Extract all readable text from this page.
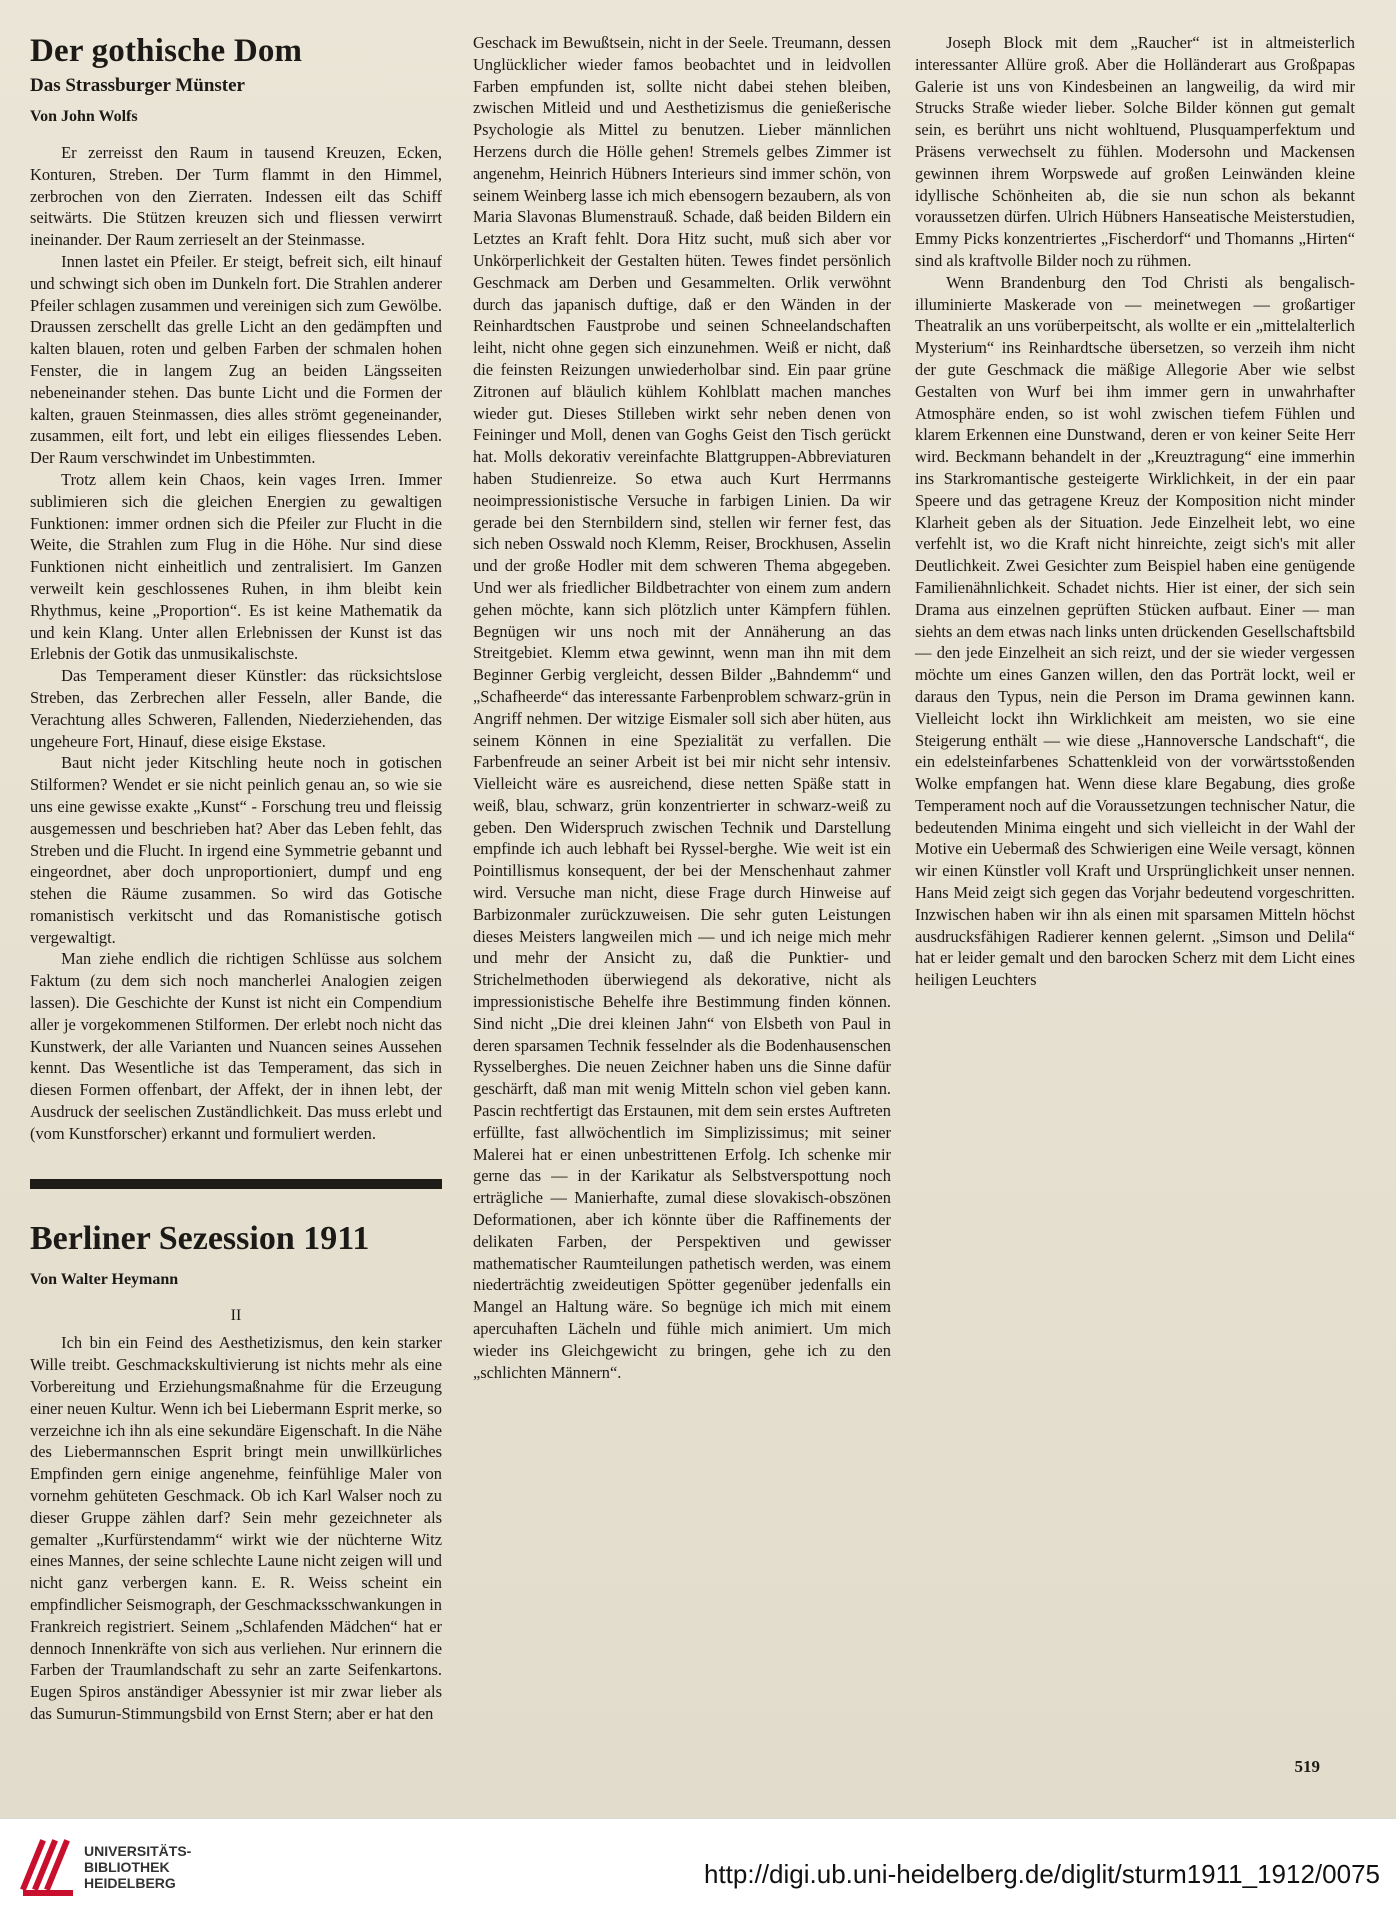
Der gothische Dom
Das Strassburger Münster
Von John Wolfs

Er zerreisst den Raum in tausend Kreuzen, Ecken, Konturen, Streben. Der Turm flammt in den Himmel, zerbrochen von den Zierraten. Indessen eilt das Schiff seitwärts. Die Stützen kreuzen sich und fliessen verwirrt ineinander. Der Raum zerrieselt an der Steinmasse.

Innen lastet ein Pfeiler. Er steigt, befreit sich, eilt hinauf und schwingt sich oben im Dunkeln fort. Die Strahlen anderer Pfeiler schlagen zusammen und vereinigen sich zum Gewölbe. Draussen zerschellt das grelle Licht an den gedämpften und kalten blauen, roten und gelben Farben der schmalen hohen Fenster, die in langem Zug an beiden Längsseiten nebeneinander stehen. Das bunte Licht und die Formen der kalten, grauen Steinmassen, dies alles strömt gegeneinander, zusammen, eilt fort, und lebt ein eiliges fliessendes Leben. Der Raum verschwindet im Unbestimmten.

Trotz allem kein Chaos, kein vages Irren. Immer sublimieren sich die gleichen Energien zu gewaltigen Funktionen: immer ordnen sich die Pfeiler zur Flucht in die Weite, die Strahlen zum Flug in die Höhe. Nur sind diese Funktionen nicht einheitlich und zentralisiert. Im Ganzen verweilt kein geschlossenes Ruhen, in ihm bleibt kein Rhythmus, keine „Proportion“. Es ist keine Mathematik da und kein Klang. Unter allen Erlebnissen der Kunst ist das Erlebnis der Gotik das unmusikalischste.

Das Temperament dieser Künstler: das rücksichtslose Streben, das Zerbrechen aller Fesseln, aller Bande, die Verachtung alles Schweren, Fallenden, Niederziehenden, das ungeheure Fort, Hinauf, diese eisige Ekstase.

Baut nicht jeder Kitschling heute noch in gotischen Stilformen? Wendet er sie nicht peinlich genau an, so wie sie uns eine gewisse exakte „Kunst“ - Forschung treu und fleissig ausgemessen und beschrieben hat? Aber das Leben fehlt, das Streben und die Flucht. In irgend eine Symmetrie gebannt und eingeordnet, aber doch unproportioniert, dumpf und eng stehen die Räume zusammen. So wird das Gotische romanistisch verkitscht und das Romanistische gotisch vergewaltigt.

Man ziehe endlich die richtigen Schlüsse aus solchem Faktum (zu dem sich noch mancherlei Analogien zeigen lassen). Die Geschichte der Kunst ist nicht ein Compendium aller je vorgekommenen Stilformen. Der erlebt noch nicht das Kunstwerk, der alle Varianten und Nuancen seines Aussehen kennt. Das Wesentliche ist das Temperament, das sich in diesen Formen offenbart, der Affekt, der in ihnen lebt, der Ausdruck der seelischen Zuständlichkeit. Das muss erlebt und (vom Kunstforscher) erkannt und formuliert werden.

Berliner Sezession 1911
Von Walter Heymann
II

Ich bin ein Feind des Aesthetizismus, den kein starker Wille treibt. Geschmackskultivierung ist nichts mehr als eine Vorbereitung und Erziehungsmaßnahme für die Erzeugung einer neuen Kultur. Wenn ich bei Liebermann Esprit merke, so verzeichne ich ihn als eine sekundäre Eigenschaft. In die Nähe des Liebermannschen Esprit bringt mein unwillkürliches Empfinden gern einige angenehme, feinfühlige Maler von vornehm gehüteten Geschmack. Ob ich Karl Walser noch zu dieser Gruppe zählen darf? Sein mehr gezeichneter als gemalter „Kurfürstendamm“ wirkt wie der nüchterne Witz eines Mannes, der seine schlechte Laune nicht zeigen will und nicht ganz verbergen kann. E. R. Weiss scheint ein empfindlicher Seismograph, der Geschmacksschwankungen in Frankreich registriert. Seinem „Schlafenden Mädchen“ hat er dennoch Innenkräfte von sich aus verliehen. Nur erinnern die Farben der Traumlandschaft zu sehr an zarte Seifenkartons. Eugen Spiros anständiger Abessynier ist mir zwar lieber als das Sumurun-Stimmungsbild von Ernst Stern; aber er hat den

Geschack im Bewußtsein, nicht in der Seele. Treumann, dessen Unglücklicher wieder famos beobachtet und in leidvollen Farben empfunden ist, sollte nicht dabei stehen bleiben, zwischen Mitleid und und Aesthetizismus die genießerische Psychologie als Mittel zu benutzen. Lieber männlichen Herzens durch die Hölle gehen! Stremels gelbes Zimmer ist angenehm, Heinrich Hübners Interieurs sind immer schön, von seinem Weinberg lasse ich mich ebensogern bezaubern, als von Maria Slavonas Blumenstrauß. Schade, daß beiden Bildern ein Letztes an Kraft fehlt. Dora Hitz sucht, muß sich aber vor Unkörperlichkeit der Gestalten hüten. Tewes findet persönlich Geschmack am Derben und Gesammelten. Orlik verwöhnt durch das japanisch duftige, daß er den Wänden in der Reinhardtschen Faustprobe und seinen Schneelandschaften leiht, nicht ohne gegen sich einzunehmen. Weiß er nicht, daß die feinsten Reizungen unwiederholbar sind. Ein paar grüne Zitronen auf bläulich kühlem Kohlblatt machen manches wieder gut. Dieses Stilleben wirkt sehr neben denen von Feininger und Moll, denen van Goghs Geist den Tisch gerückt hat. Molls dekorativ vereinfachte Blattgruppen-Abbreviaturen haben Studienreize. So etwa auch Kurt Herrmanns neoimpressionistische Versuche in farbigen Linien. Da wir gerade bei den Sternbildern sind, stellen wir ferner fest, das sich neben Osswald noch Klemm, Reiser, Brockhusen, Asselin und der große Hodler mit dem schweren Thema abgegeben. Und wer als friedlicher Bildbetrachter von einem zum andern gehen möchte, kann sich plötzlich unter Kämpfern fühlen. Begnügen wir uns noch mit der Annäherung an das Streitgebiet. Klemm etwa gewinnt, wenn man ihn mit dem Beginner Gerbig vergleicht, dessen Bilder „Bahndemm“ und „Schafheerde“ das interessante Farbenproblem schwarz-grün in Angriff nehmen. Der witzige Eismaler soll sich aber hüten, aus seinem Können in eine Spezialität zu verfallen. Die Farbenfreude an seiner Arbeit ist bei mir nicht sehr intensiv. Vielleicht wäre es ausreichend, diese netten Späße statt in weiß, blau, schwarz, grün konzentrierter in schwarz-weiß zu geben. Den Widerspruch zwischen Technik und Darstellung empfinde ich auch lebhaft bei Ryssel-berghe. Wie weit ist ein Pointillismus konsequent, der bei der Menschenhaut zahmer wird. Versuche man nicht, diese Frage durch Hinweise auf Barbizonmaler zurückzuweisen. Die sehr guten Leistungen dieses Meisters langweilen mich — und ich neige mich mehr und mehr der Ansicht zu, daß die Punktier- und Strichelmethoden überwiegend als dekorative, nicht als impressionistische Behelfe ihre Bestimmung finden können. Sind nicht „Die drei kleinen Jahn“ von Elsbeth von Paul in deren sparsamen Technik fesselnder als die Bodenhausenschen Rysselberghes. Die neuen Zeichner haben uns die Sinne dafür geschärft, daß man mit wenig Mitteln schon viel geben kann. Pascin rechtfertigt das Erstaunen, mit dem sein erstes Auftreten erfüllte, fast allwöchentlich im Simplizissimus; mit seiner Malerei hat er einen unbestrittenen Erfolg. Ich schenke mir gerne das — in der Karikatur als Selbstverspottung noch erträgliche — Manierhafte, zumal diese slovakisch-obszönen Deformationen, aber ich könnte über die Raffinements der delikaten Farben, der Perspektiven und gewisser mathematischer Raumteilungen pathetisch werden, was einem niederträchtig zweideutigen Spötter gegenüber jedenfalls ein Mangel an Haltung wäre. So begnüge ich mich mit einem apercuhaften Lächeln und fühle mich animiert. Um mich wieder ins Gleichgewicht zu bringen, gehe ich zu den „schlichten Männern“.

Joseph Block mit dem „Raucher“ ist in altmeisterlich interessanter Allüre groß. Aber die Holländerart aus Großpapas Galerie ist uns von Kindesbeinen an langweilig, da wird mir Strucks Straße wieder lieber. Solche Bilder können gut gemalt sein, es berührt uns nicht wohltuend, Plusquamperfektum und Präsens verwechselt zu fühlen. Modersohn und Mackensen gewinnen ihrem Worpswede auf großen Leinwänden kleine idyllische Schönheiten ab, die sie nun schon als bekannt voraussetzen dürfen. Ulrich Hübners Hanseatische Meisterstudien, Emmy Picks konzentriertes „Fischerdorf“ und Thomanns „Hirten“ sind als kraftvolle Bilder noch zu rühmen.

Wenn Brandenburg den Tod Christi als bengalisch-illuminierte Maskerade von — meinetwegen — großartiger Theatralik an uns vorüberpeitscht, als wollte er ein „mittelalterlich Mysterium“ ins Reinhardtsche übersetzen, so verzeih ihm nicht der gute Geschmack die mäßige Allegorie Aber wie selbst Gestalten von Wurf bei ihm immer gern in unwahrhafter Atmosphäre enden, so ist wohl zwischen tiefem Fühlen und klarem Erkennen eine Dunstwand, deren er von keiner Seite Herr wird. Beckmann behandelt in der „Kreuztragung“ eine immerhin ins Starkromantische gesteigerte Wirklichkeit, in der ein paar Speere und das getragene Kreuz der Komposition nicht minder Klarheit geben als der Situation. Jede Einzelheit lebt, wo eine verfehlt ist, wo die Kraft nicht hinreichte, zeigt sich's mit aller Deutlichkeit. Zwei Gesichter zum Beispiel haben eine genügende Familienähnlichkeit. Schadet nichts. Hier ist einer, der sich sein Drama aus einzelnen geprüften Stücken aufbaut. Einer — man siehts an dem etwas nach links unten drückenden Gesellschaftsbild — den jede Einzelheit an sich reizt, und der sie wieder vergessen möchte um eines Ganzen willen, den das Porträt lockt, weil er daraus den Typus, nein die Person im Drama gewinnen kann. Vielleicht lockt ihn Wirklichkeit am meisten, wo sie eine Steigerung enthält — wie diese „Hannoversche Landschaft“, die ein edelsteinfarbenes Schattenkleid von der vorwärtsstoßenden Wolke empfangen hat. Wenn diese klare Begabung, dies große Temperament noch auf die Voraussetzungen technischer Natur, die bedeutenden Minima eingeht und sich vielleicht in der Wahl der Motive ein Uebermaß des Schwierigen eine Weile versagt, können wir einen Künstler voll Kraft und Ursprünglichkeit unser nennen. Hans Meid zeigt sich gegen das Vorjahr bedeutend vorgeschritten. Inzwischen haben wir ihn als einen mit sparsamen Mitteln höchst ausdrucksfähigen Radierer kennen gelernt. „Simson und Delila“ hat er leider gemalt und den barocken Scherz mit dem Licht eines heiligen Leuchters

519
UNIVERSITÄTS-
BIBLIOTHEK
HEIDELBERG	http://digi.ub.uni-heidelberg.de/diglit/sturm1911_1912/0075
